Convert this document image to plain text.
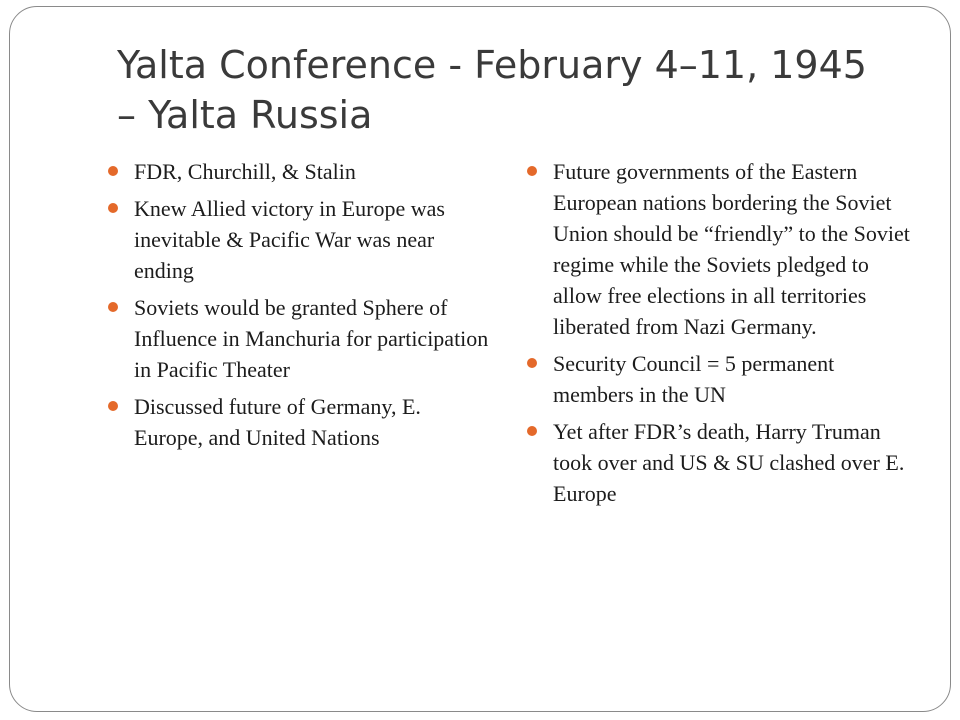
Yalta Conference - February 4–11, 1945 – Yalta Russia
FDR, Churchill, & Stalin
Knew Allied victory in Europe was inevitable & Pacific War was near ending
Soviets would be granted Sphere of Influence in Manchuria for participation in Pacific Theater
Discussed future of Germany, E. Europe, and United Nations
Future governments of the Eastern European nations bordering the Soviet Union should be “friendly” to the Soviet regime while the Soviets pledged to allow free elections in all territories liberated from Nazi Germany.
Security Council = 5 permanent members in the UN
Yet after FDR’s death, Harry Truman took over and US & SU clashed over E. Europe
